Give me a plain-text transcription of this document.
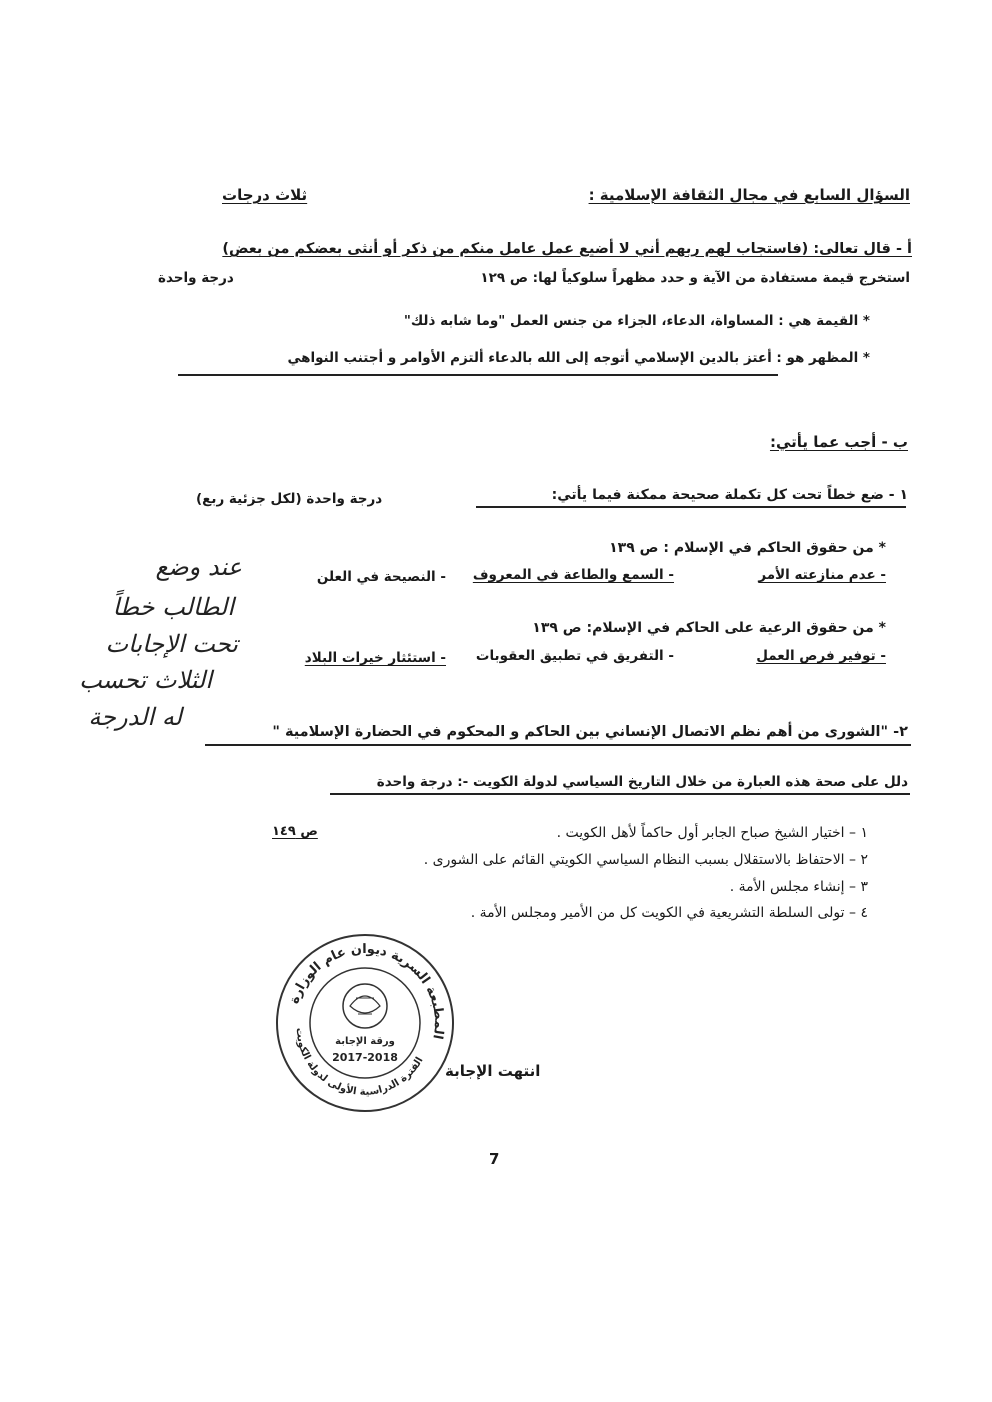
السؤال السابع في مجال الثقافة الإسلامية :
ثلاث درجات
أ - قال تعالى: (فاستجاب لهم ربهم أني لا أضيع عمل عامل منكم من ذكر أو أنثى بعضكم من بعض)
استخرج قيمة مستفادة من الآية و حدد مظهراً سلوكياً لها: ص ١٢٩
درجة واحدة
* القيمة هي : المساواة، الدعاء، الجزاء من جنس العمل "وما شابه ذلك"
* المظهر هو : أعتز بالدين الإسلامي أتوجه إلى الله بالدعاء ألتزم الأوامر و أجتنب النواهي
ب - أجب عما يأتي:
١ - ضع خطاً تحت كل تكملة صحيحة ممكنة فيما يأتي:
درجة واحدة (لكل جزئية ربع)
* من حقوق الحاكم في الإسلام : ص ١٣٩
- عدم منازعته الأمر
- السمع والطاعة في المعروف
- النصيحة في العلن
* من حقوق الرعية على الحاكم في الإسلام: ص ١٣٩
- توفير فرص العمل
- التفريق في تطبيق العقوبات
- استئثار خيرات البلاد
عند وضع
الطالب خطاً
تحت الإجابات
الثلاث تحسب
له الدرجة
٢- "الشورى من أهم نظم الاتصال الإنساني بين الحاكم و المحكوم في الحضارة الإسلامية "
دلل على صحة هذه العبارة من خلال التاريخ السياسي لدولة الكويت -: درجة واحدة
١ – اختيار الشيخ صباح الجابر أول حاكماً لأهل الكويت .
ص ١٤٩
٢ – الاحتفاظ بالاستقلال بسبب النظام السياسي الكويتي القائم على الشورى .
٣ – إنشاء مجلس الأمة .
٤ – تولى السلطة التشريعية في الكويت كل من الأمير ومجلس الأمة .
المطبعة السرية ديوان عام الوزارة
الفترة الدراسية الأولى لدولة الكويت
ورقة الإجابة
2017-2018
انتهت الإجابة
7
